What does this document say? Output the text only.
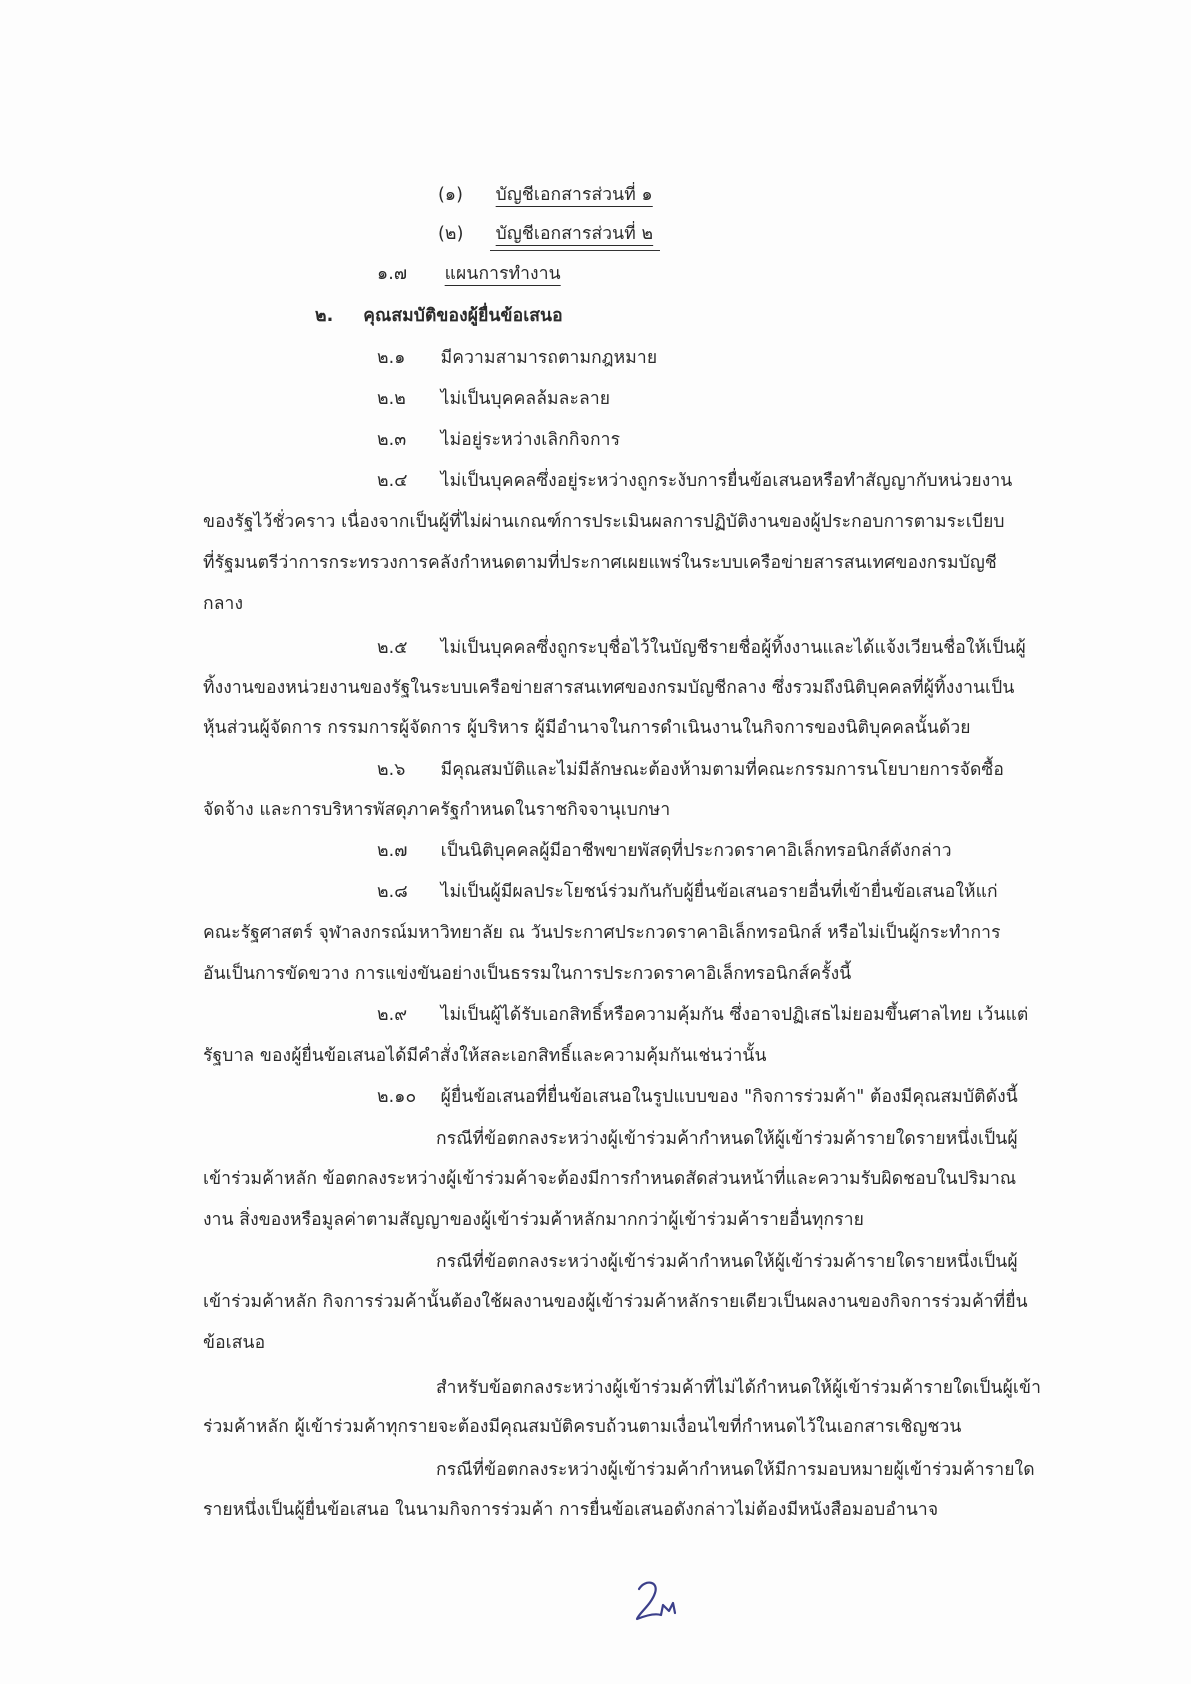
(๑) บัญชีเอกสารส่วนที่ ๑
(๒) บัญชีเอกสารส่วนที่ ๒
๑.๗ แผนการทำงาน
๒. คุณสมบัติของผู้ยื่นข้อเสนอ
๒.๑ มีความสามารถตามกฎหมาย
๒.๒ ไม่เป็นบุคคลล้มละลาย
๒.๓ ไม่อยู่ระหว่างเลิกกิจการ
๒.๔ ไม่เป็นบุคคลซึ่งอยู่ระหว่างถูกระงับการยื่นข้อเสนอหรือทำสัญญากับหน่วยงาน
ของรัฐไว้ชั่วคราว เนื่องจากเป็นผู้ที่ไม่ผ่านเกณฑ์การประเมินผลการปฏิบัติงานของผู้ประกอบการตามระเบียบ
ที่รัฐมนตรีว่าการกระทรวงการคลังกำหนดตามที่ประกาศเผยแพร่ในระบบเครือข่ายสารสนเทศของกรมบัญชี
กลาง
๒.๕ ไม่เป็นบุคคลซึ่งถูกระบุชื่อไว้ในบัญชีรายชื่อผู้ทิ้งงานและได้แจ้งเวียนชื่อให้เป็นผู้
ทิ้งงานของหน่วยงานของรัฐในระบบเครือข่ายสารสนเทศของกรมบัญชีกลาง ซึ่งรวมถึงนิติบุคคลที่ผู้ทิ้งงานเป็น
หุ้นส่วนผู้จัดการ กรรมการผู้จัดการ ผู้บริหาร ผู้มีอำนาจในการดำเนินงานในกิจการของนิติบุคคลนั้นด้วย
๒.๖ มีคุณสมบัติและไม่มีลักษณะต้องห้ามตามที่คณะกรรมการนโยบายการจัดซื้อ
จัดจ้าง และการบริหารพัสดุภาครัฐกำหนดในราชกิจจานุเบกษา
๒.๗ เป็นนิติบุคคลผู้มีอาชีพขายพัสดุที่ประกวดราคาอิเล็กทรอนิกส์ดังกล่าว
๒.๘ ไม่เป็นผู้มีผลประโยชน์ร่วมกันกับผู้ยื่นข้อเสนอรายอื่นที่เข้ายื่นข้อเสนอให้แก่
คณะรัฐศาสตร์ จุฬาลงกรณ์มหาวิทยาลัย ณ วันประกาศประกวดราคาอิเล็กทรอนิกส์ หรือไม่เป็นผู้กระทำการ
อันเป็นการขัดขวาง การแข่งขันอย่างเป็นธรรมในการประกวดราคาอิเล็กทรอนิกส์ครั้งนี้
๒.๙ ไม่เป็นผู้ได้รับเอกสิทธิ์หรือความคุ้มกัน ซึ่งอาจปฏิเสธไม่ยอมขึ้นศาลไทย เว้นแต่
รัฐบาล ของผู้ยื่นข้อเสนอได้มีคำสั่งให้สละเอกสิทธิ์และความคุ้มกันเช่นว่านั้น
๒.๑๐ ผู้ยื่นข้อเสนอที่ยื่นข้อเสนอในรูปแบบของ "กิจการร่วมค้า" ต้องมีคุณสมบัติดังนี้
กรณีที่ข้อตกลงระหว่างผู้เข้าร่วมค้ากำหนดให้ผู้เข้าร่วมค้ารายใดรายหนึ่งเป็นผู้
เข้าร่วมค้าหลัก ข้อตกลงระหว่างผู้เข้าร่วมค้าจะต้องมีการกำหนดสัดส่วนหน้าที่และความรับผิดชอบในปริมาณ
งาน สิ่งของหรือมูลค่าตามสัญญาของผู้เข้าร่วมค้าหลักมากกว่าผู้เข้าร่วมค้ารายอื่นทุกราย
กรณีที่ข้อตกลงระหว่างผู้เข้าร่วมค้ากำหนดให้ผู้เข้าร่วมค้ารายใดรายหนึ่งเป็นผู้
เข้าร่วมค้าหลัก กิจการร่วมค้านั้นต้องใช้ผลงานของผู้เข้าร่วมค้าหลักรายเดียวเป็นผลงานของกิจการร่วมค้าที่ยื่น
ข้อเสนอ
สำหรับข้อตกลงระหว่างผู้เข้าร่วมค้าที่ไม่ได้กำหนดให้ผู้เข้าร่วมค้ารายใดเป็นผู้เข้า
ร่วมค้าหลัก ผู้เข้าร่วมค้าทุกรายจะต้องมีคุณสมบัติครบถ้วนตามเงื่อนไขที่กำหนดไว้ในเอกสารเชิญชวน
กรณีที่ข้อตกลงระหว่างผู้เข้าร่วมค้ากำหนดให้มีการมอบหมายผู้เข้าร่วมค้ารายใด
รายหนึ่งเป็นผู้ยื่นข้อเสนอ ในนามกิจการร่วมค้า การยื่นข้อเสนอดังกล่าวไม่ต้องมีหนังสือมอบอำนาจ
